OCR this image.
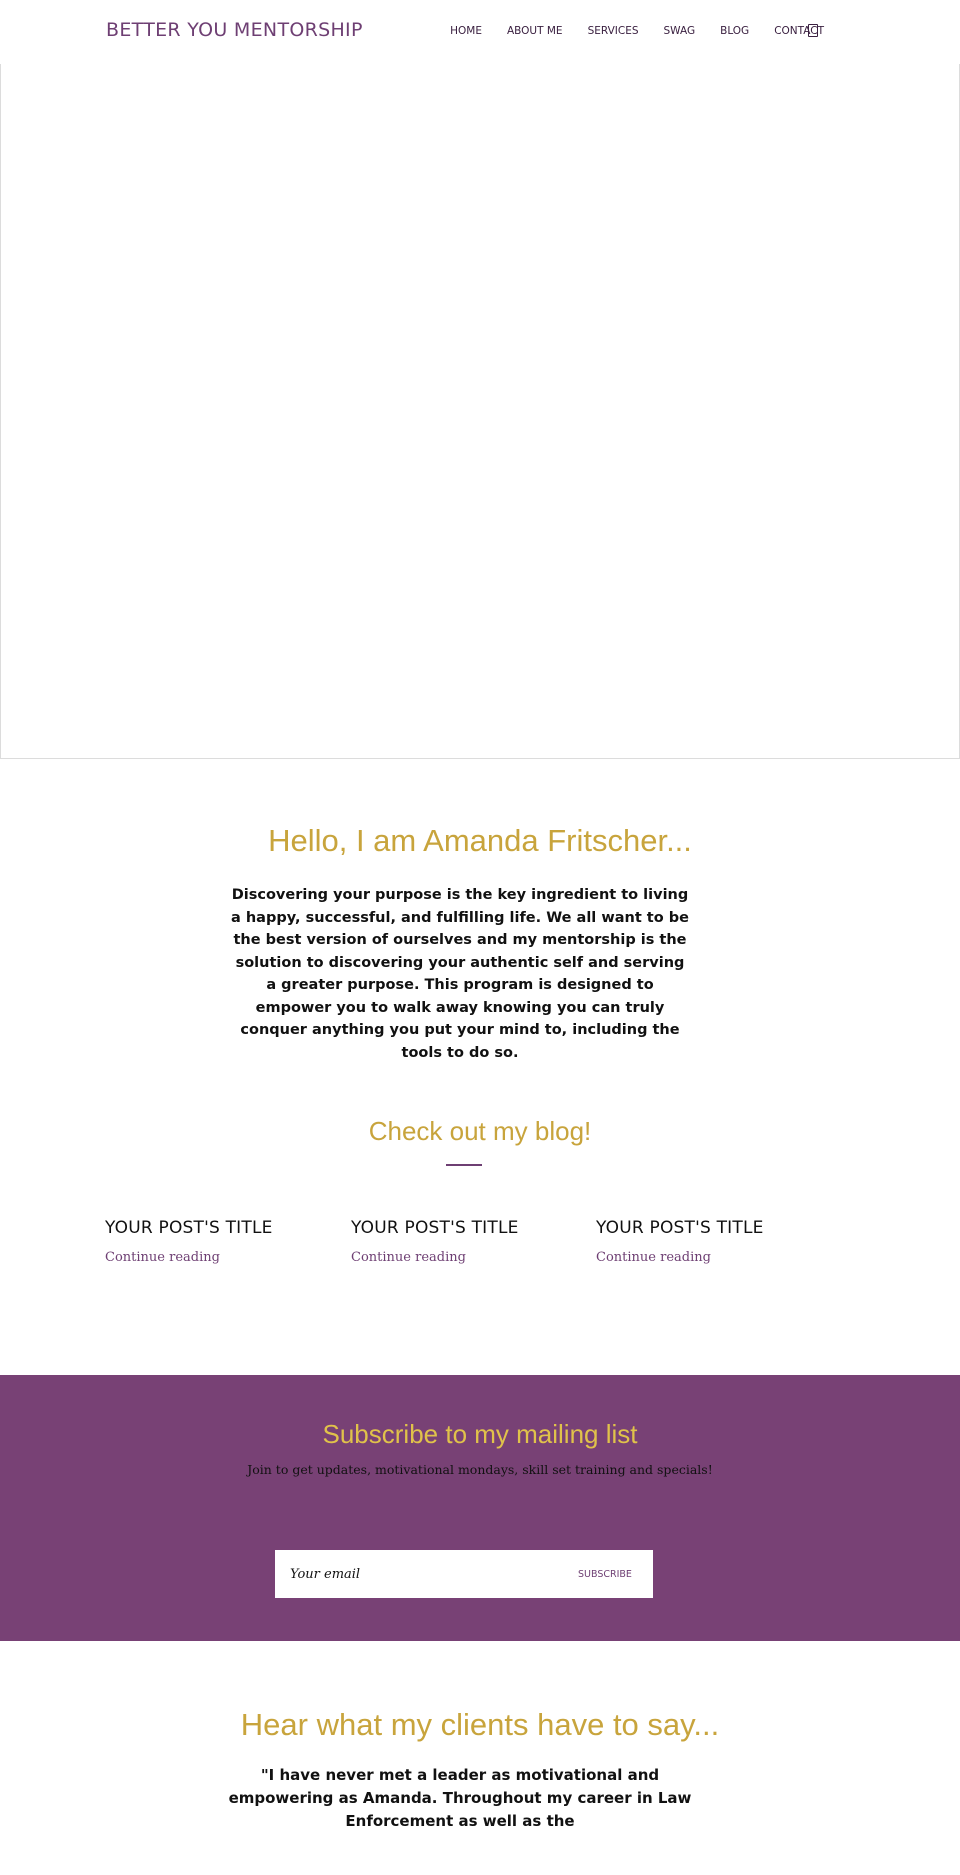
BETTER YOU MENTORSHIP	HOME ABOUT ME SERVICES SWAG BLOG CONTACT
Hello, I am Amanda Fritscher...

Discovering your purpose is the key ingredient to living a happy, successful, and fulfilling life. We all want to be the best version of ourselves and my mentorship is the solution to discovering your authentic self and serving a greater purpose. This program is designed to empower you to walk away knowing you can truly conquer anything you put your mind to, including the tools to do so.

Check out my blog!
YOUR POST'S TITLE
Continue reading
YOUR POST'S TITLE
Continue reading
YOUR POST'S TITLE
Continue reading
Subscribe to my mailing list

Join to get updates, motivational mondays, skill set training and specials!

Your email
SUBSCRIBE
Hear what my clients have to say...

"I have never met a leader as motivational and empowering as Amanda. Throughout my career in Law Enforcement as well as the
